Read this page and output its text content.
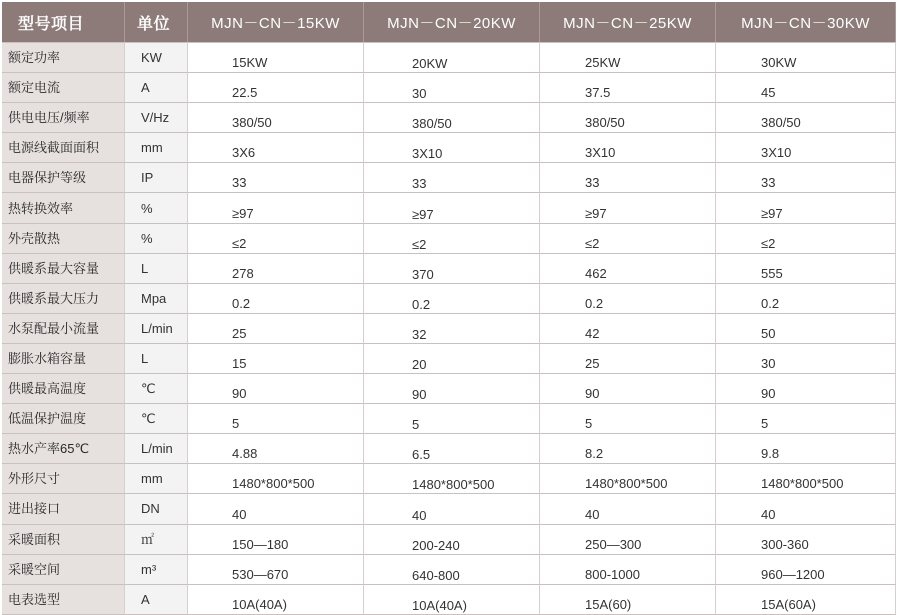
型号项目	单位	MJN－CN－15KW	MJN－CN－20KW	MJN－CN－25KW	MJN－CN－30KW
额定功率	KW	15KW	20KW	25KW	30KW
额定电流	A	22.5	30	37.5	45
供电电压/频率	V/Hz	380/50	380/50	380/50	380/50
电源线截面面积	mm	3X6	3X10	3X10	3X10
电器保护等级	IP	33	33	33	33
热转换效率	%	≥97	≥97	≥97	≥97
外壳散热	%	≤2	≤2	≤2	≤2
供暖系最大容量	L	278	370	462	555
供暖系最大压力	Mpa	0.2	0.2	0.2	0.2
水泵配最小流量	L/min	25	32	42	50
膨胀水箱容量	L	15	20	25	30
供暖最高温度	℃	90	90	90	90
低温保护温度	℃	5	5	5	5
热水产率65℃	L/min	4.88	6.5	8.2	9.8
外形尺寸	mm	1480*800*500	1480*800*500	1480*800*500	1480*800*500
进出接口	DN	40	40	40	40
采暖面积	㎡	150—180	200-240	250—300	300-360
采暖空间	m³	530—670	640-800	800-1000	960—1200
电表选型	A	10A(40A)	10A(40A)	15A(60)	15A(60A)
